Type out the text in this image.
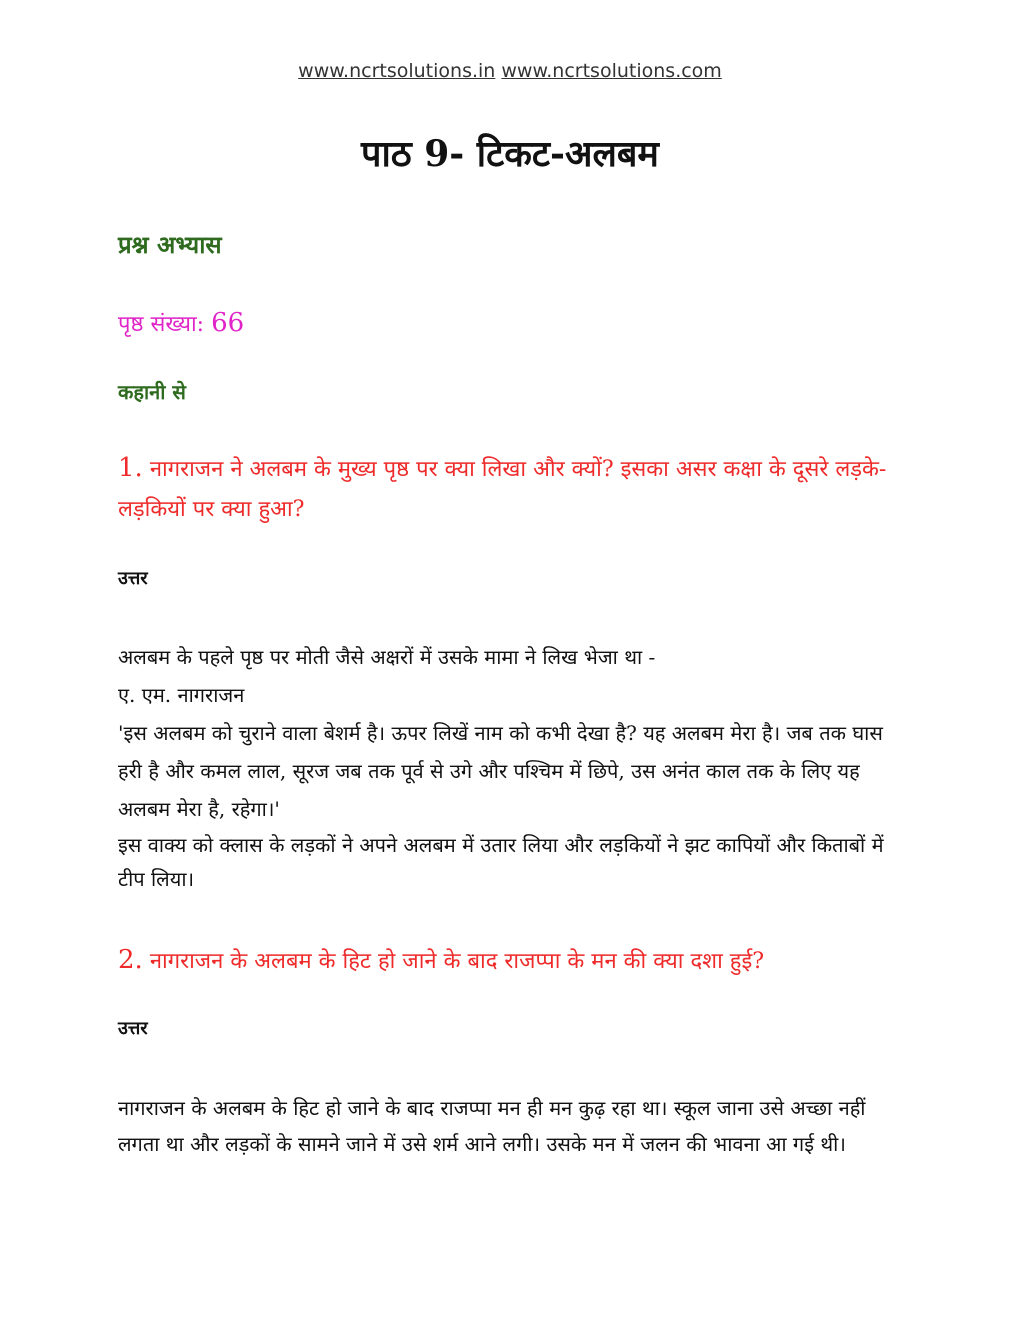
www.ncrtsolutions.in www.ncrtsolutions.com
पाठ 9- टिकट-अलबम
प्रश्न अभ्यास
पृष्ठ संख्या: 66
कहानी से
1. नागराजन ने अलबम के मुख्य पृष्ठ पर क्या लिखा और क्यों? इसका असर कक्षा के दूसरे लड़के-लड़कियों पर क्या हुआ?
उत्तर

अलबम के पहले पृष्ठ पर मोती जैसे अक्षरों में उसके मामा ने लिख भेजा था -

ए. एम. नागराजन

'इस अलबम को चुराने वाला बेशर्म है। ऊपर लिखें नाम को कभी देखा है? यह अलबम मेरा है। जब तक घास हरी है और कमल लाल, सूरज जब तक पूर्व से उगे और पश्चिम में छिपे, उस अनंत काल तक के लिए यह अलबम मेरा है, रहेगा।'

इस वाक्य को क्लास के लड़कों ने अपने अलबम में उतार लिया और लड़कियों ने झट कापियों और किताबों में टीप लिया।

2. नागराजन के अलबम के हिट हो जाने के बाद राजप्पा के मन की क्या दशा हुई?
उत्तर

नागराजन के अलबम के हिट हो जाने के बाद राजप्पा मन ही मन कुढ़ रहा था। स्कूल जाना उसे अच्छा नहीं लगता था और लड़कों के सामने जाने में उसे शर्म आने लगी। उसके मन में जलन की भावना आ गई थी।
